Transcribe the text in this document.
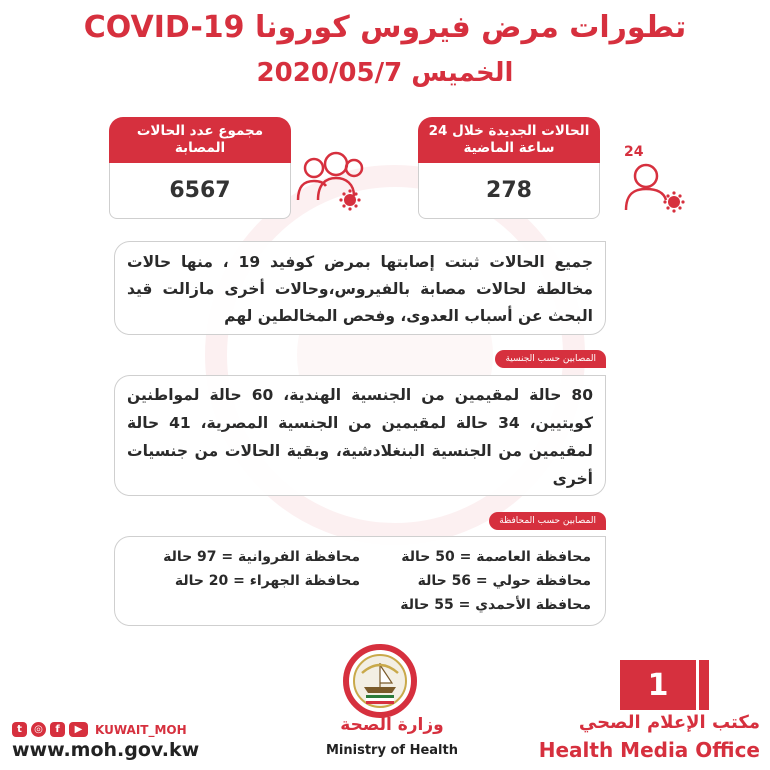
تطورات مرض فيروس كورونا COVID-19
الخميس 2020/05/7
مجموع عدد الحالات المصابة
6567
الحالات الجديدة خلال 24 ساعة الماضية
278
24
جميع الحالات ثبتت إصابتها بمرض كوفيد 19 ، منها حالات مخالطة لحالات مصابة بالفيروس،وحالات أخرى مازالت قيد البحث عن أسباب العدوى، وفحص المخالطين لهم
المصابين حسب الجنسية
80 حالة لمقيمين من الجنسية الهندية، 60 حالة لمواطنين كويتيين، 34 حالة لمقيمين من الجنسية المصرية، 41 حالة لمقيمين من الجنسية البنغلادشية، وبقية الحالات من جنسيات أخرى
المصابين حسب المحافظة
محافظة العاصمة = 50 حالة
محافظة الفروانية = 97 حالة
محافظة حولي = 56 حالة
محافظة الجهراء = 20 حالة
محافظة الأحمدي = 55 حالة
وزارة الصحة
Ministry of Health
t	◎	f	▶	KUWAIT_MOH
www.moh.gov.kw
1
مكتب الإعلام الصحي
Health Media Office
